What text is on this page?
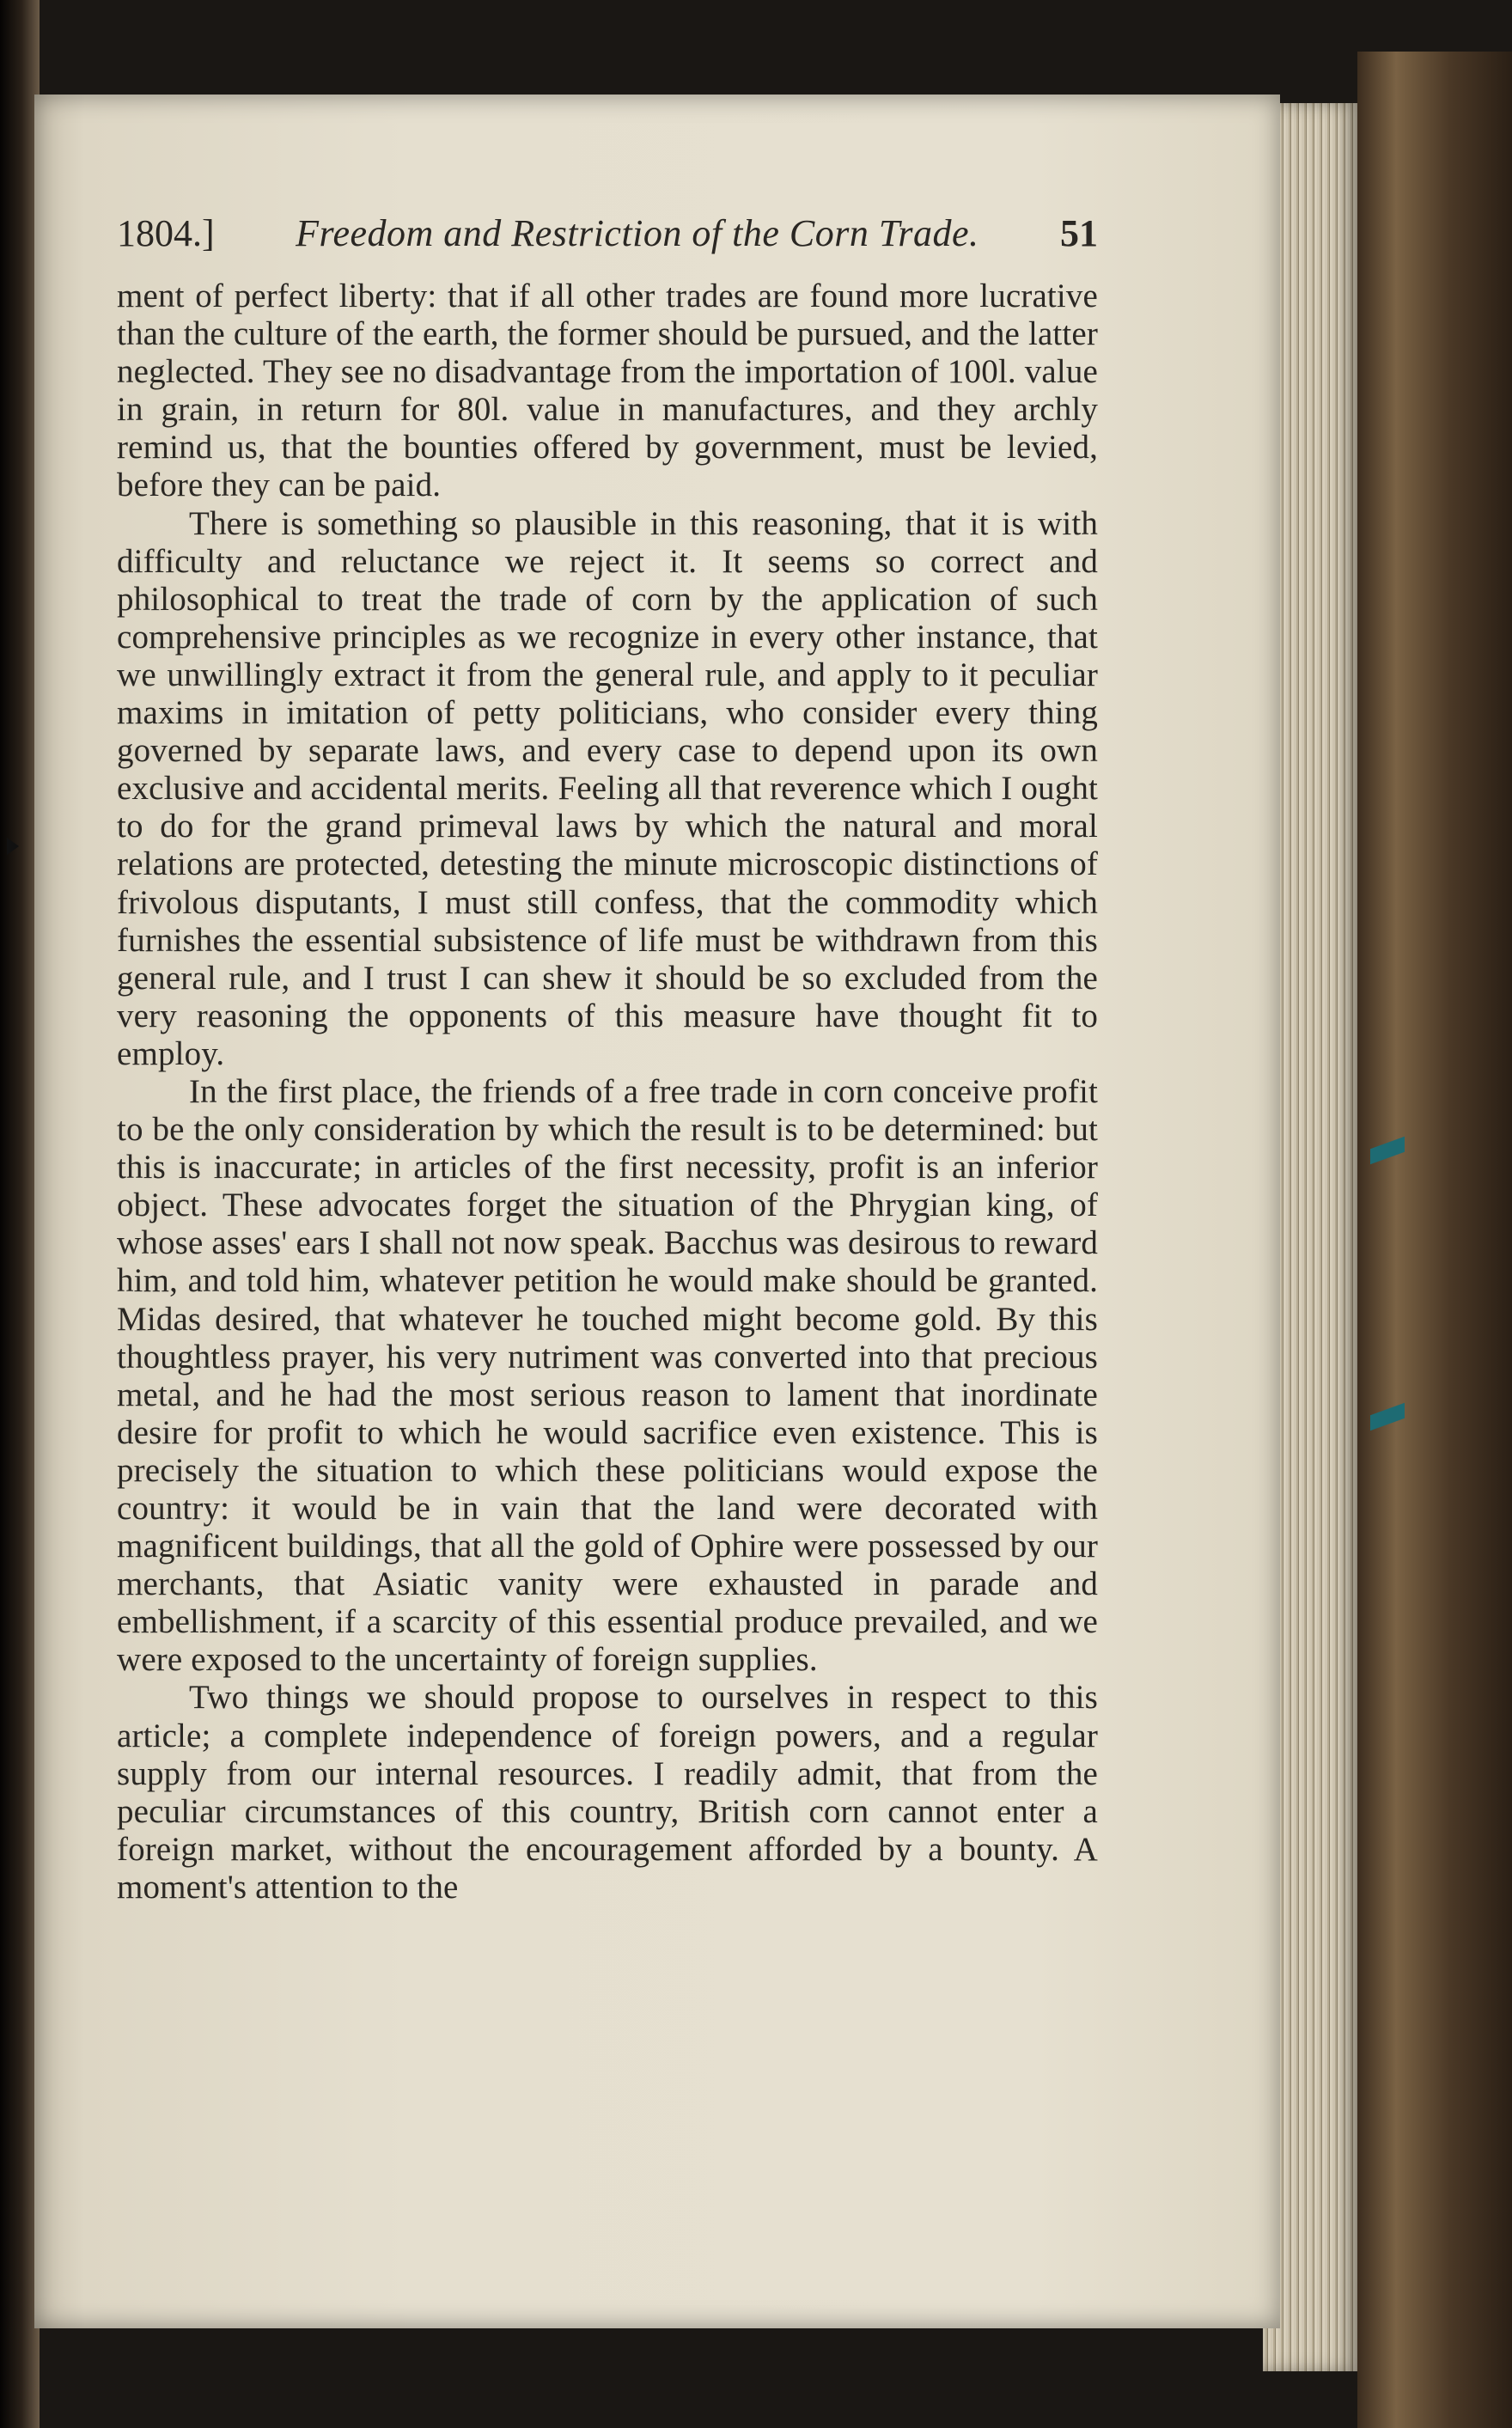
1804.] Freedom and Restriction of the Corn Trade. 51

ment of perfect liberty: that if all other trades are found more lucrative than the culture of the earth, the former should be pursued, and the latter neglected. They see no disadvantage from the importation of 100l. value in grain, in return for 80l. value in manufactures, and they archly remind us, that the bounties offered by government, must be levied, before they can be paid.

There is something so plausible in this reasoning, that it is with difficulty and reluctance we reject it. It seems so correct and philosophical to treat the trade of corn by the application of such comprehensive principles as we recognize in every other instance, that we unwillingly extract it from the general rule, and apply to it peculiar maxims in imitation of petty politicians, who consider every thing governed by separate laws, and every case to depend upon its own exclusive and accidental merits. Feeling all that reverence which I ought to do for the grand primeval laws by which the natural and moral relations are protected, detesting the minute microscopic distinctions of frivolous disputants, I must still confess, that the commodity which furnishes the essential subsistence of life must be withdrawn from this general rule, and I trust I can shew it should be so excluded from the very reasoning the opponents of this measure have thought fit to employ.

In the first place, the friends of a free trade in corn conceive profit to be the only consideration by which the result is to be determined: but this is inaccurate; in articles of the first necessity, profit is an inferior object. These advocates forget the situation of the Phrygian king, of whose asses' ears I shall not now speak. Bacchus was desirous to reward him, and told him, whatever petition he would make should be granted. Midas desired, that whatever he touched might become gold. By this thoughtless prayer, his very nutriment was converted into that precious metal, and he had the most serious reason to lament that inordinate desire for profit to which he would sacrifice even existence. This is precisely the situation to which these politicians would expose the country: it would be in vain that the land were decorated with magnificent buildings, that all the gold of Ophire were possessed by our merchants, that Asiatic vanity were exhausted in parade and embellishment, if a scarcity of this essential produce prevailed, and we were exposed to the uncertainty of foreign supplies.

Two things we should propose to ourselves in respect to this article; a complete independence of foreign powers, and a regular supply from our internal resources. I readily admit, that from the peculiar circumstances of this country, British corn cannot enter a foreign market, without the encouragement afforded by a bounty. A moment's attention to the
